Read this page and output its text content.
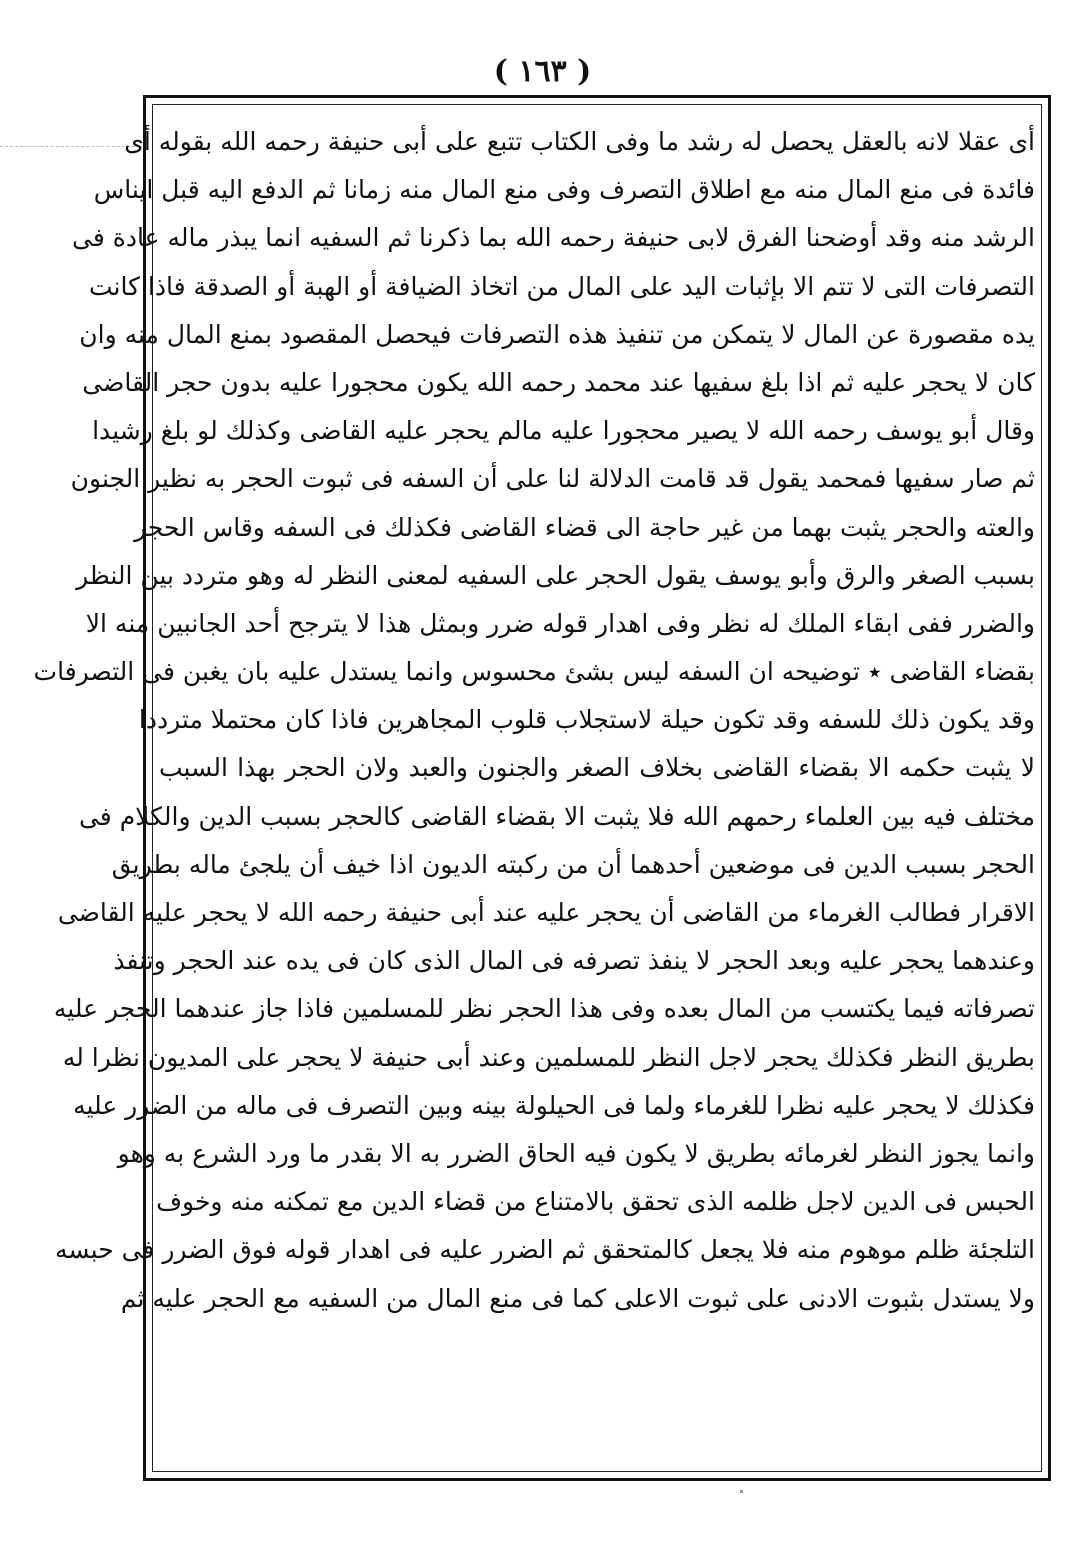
( ١٦٣ )
أى عقلا لانه بالعقل يحصل له رشد ما وفى الكتاب تتبع على أبى حنيفة رحمه الله بقوله أى
فائدة فى منع المال منه مع اطلاق التصرف وفى منع المال منه زمانا ثم الدفع اليه قبل ايناس
الرشد منه وقد أوضحنا الفرق لابى حنيفة رحمه الله بما ذكرنا ثم السفيه انما يبذر ماله عادة فى
التصرفات التى لا تتم الا بإثبات اليد على المال من اتخاذ الضيافة أو الهبة أو الصدقة فاذا كانت
يده مقصورة عن المال لا يتمكن من تنفيذ هذه التصرفات فيحصل المقصود بمنع المال منه وان
كان لا يحجر عليه ثم اذا بلغ سفيها عند محمد رحمه الله يكون محجورا عليه بدون حجر القاضى
وقال أبو يوسف رحمه الله لا يصير محجورا عليه مالم يحجر عليه القاضى وكذلك لو بلغ رشيدا
ثم صار سفيها فمحمد يقول قد قامت الدلالة لنا على أن السفه فى ثبوت الحجر به نظير الجنون
والعته والحجر يثبت بهما من غير حاجة الى قضاء القاضى فكذلك فى السفه وقاس الحجر
بسبب الصغر والرق وأبو يوسف يقول الحجر على السفيه لمعنى النظر له وهو متردد بين النظر
والضرر ففى ابقاء الملك له نظر وفى اهدار قوله ضرر وبمثل هذا لا يترجح أحد الجانبين منه الا
بقضاء القاضى ٭ توضيحه ان السفه ليس بشئ محسوس وانما يستدل عليه بان يغبن فى التصرفات
وقد يكون ذلك للسفه وقد تكون حيلة لاستجلاب قلوب المجاهرين فاذا كان محتملا مترددا
لا يثبت حكمه الا بقضاء القاضى بخلاف الصغر والجنون والعبد ولان الحجر بهذا السبب
مختلف فيه بين العلماء رحمهم الله فلا يثبت الا بقضاء القاضى كالحجر بسبب الدين والكلام فى
الحجر بسبب الدين فى موضعين أحدهما أن من ركبته الديون اذا خيف أن يلجئ ماله بطريق
الاقرار فطالب الغرماء من القاضى أن يحجر عليه عند أبى حنيفة رحمه الله لا يحجر عليه القاضى
وعندهما يحجر عليه وبعد الحجر لا ينفذ تصرفه فى المال الذى كان فى يده عند الحجر وتنفذ
تصرفاته فيما يكتسب من المال بعده وفى هذا الحجر نظر للمسلمين فاذا جاز عندهما الحجر عليه
بطريق النظر فكذلك يحجر لاجل النظر للمسلمين وعند أبى حنيفة لا يحجر على المديون نظرا له
فكذلك لا يحجر عليه نظرا للغرماء ولما فى الحيلولة بينه وبين التصرف فى ماله من الضرر عليه
وانما يجوز النظر لغرمائه بطريق لا يكون فيه الحاق الضرر به الا بقدر ما ورد الشرع به وهو
الحبس فى الدين لاجل ظلمه الذى تحقق بالامتناع من قضاء الدين مع تمكنه منه وخوف
التلجئة ظلم موهوم منه فلا يجعل كالمتحقق ثم الضرر عليه فى اهدار قوله فوق الضرر فى حبسه
ولا يستدل بثبوت الادنى على ثبوت الاعلى كما فى منع المال من السفيه مع الحجر عليه ثم
